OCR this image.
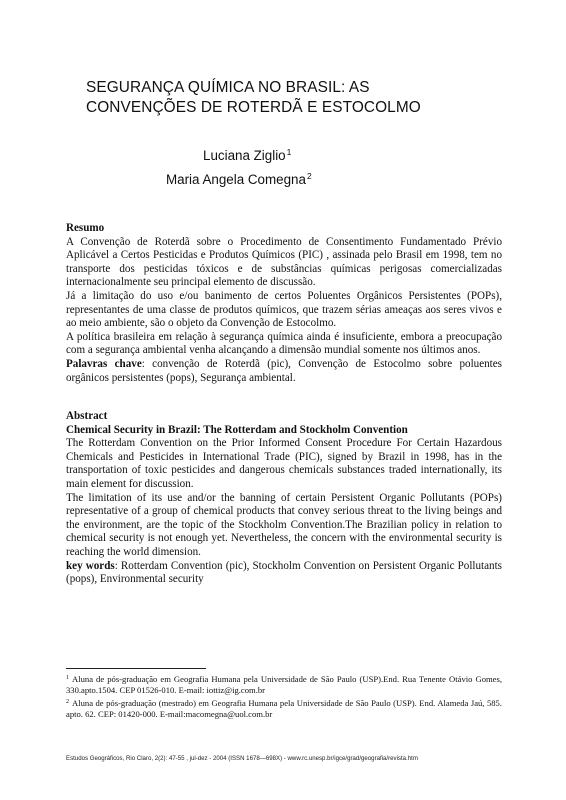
SEGURANÇA QUÍMICA NO BRASIL: AS
CONVENÇÕES DE ROTERDÃ E ESTOCOLMO
Luciana Ziglio$^1$
Maria Angela Comegna$^2$

Resumo

A Convenção de Roterdã sobre o Procedimento de Consentimento Fundamentado Prévio Aplicável a Certos Pesticidas e Produtos Químicos (PIC) , assinada pelo Brasil em 1998, tem no transporte dos pesticidas tóxicos e de substâncias químicas perigosas comercializadas internacionalmente seu principal elemento de discussão.

Já a limitação do uso e/ou banimento de certos Poluentes Orgânicos Persistentes (POPs), representantes de uma classe de produtos químicos, que trazem sérias ameaças aos seres vivos e ao meio ambiente, são o objeto da Convenção de Estocolmo.

A política brasileira em relação à segurança química ainda é insuficiente, embora a preocupação com a segurança ambiental venha alcançando a dimensão mundial somente nos últimos anos.

Palavras chave: convenção de Roterdã (pic), Convenção de Estocolmo sobre poluentes orgânicos persistentes (pops), Segurança ambiental.

Abstract

Chemical Security in Brazil: The Rotterdam and Stockholm Convention

The Rotterdam Convention on the Prior Informed Consent Procedure For Certain Hazardous Chemicals and Pesticides in International Trade (PIC), signed by Brazil in 1998, has in the transportation of toxic pesticides and dangerous chemicals substances traded internationally, its main element for discussion.

The limitation of its use and/or the banning of certain Persistent Organic Pollutants (POPs) representative of a group of chemical products that convey serious threat to the living beings and the environment, are the topic of the Stockholm Convention.The Brazilian policy in relation to chemical security is not enough yet. Nevertheless, the concern with the environmental security is reaching the world dimension.

key words: Rotterdam Convention (pic), Stockholm Convention on Persistent Organic Pollutants (pops), Environmental security

$^1$ Aluna de pós-graduação em Geografia Humana pela Universidade de São Paulo (USP).End. Rua Tenente Otávio Gomes, 330.apto.1504. CEP 01526-010. E-mail: iottiz@ig.com.br

$^2$ Aluna de pós-graduação (mestrado) em Geografia Humana pela Universidade de São Paulo (USP). End. Alameda Jaú, 585. apto. 62. CEP: 01420-000. E-mail:macomegna@uol.com.br

Estudos Geográficos, Rio Claro, 2(2): 47-55 , jul-dez - 2004 (ISSN 1678—698X) - www.rc.unesp.br/igce/grad/geografia/revista.htm
